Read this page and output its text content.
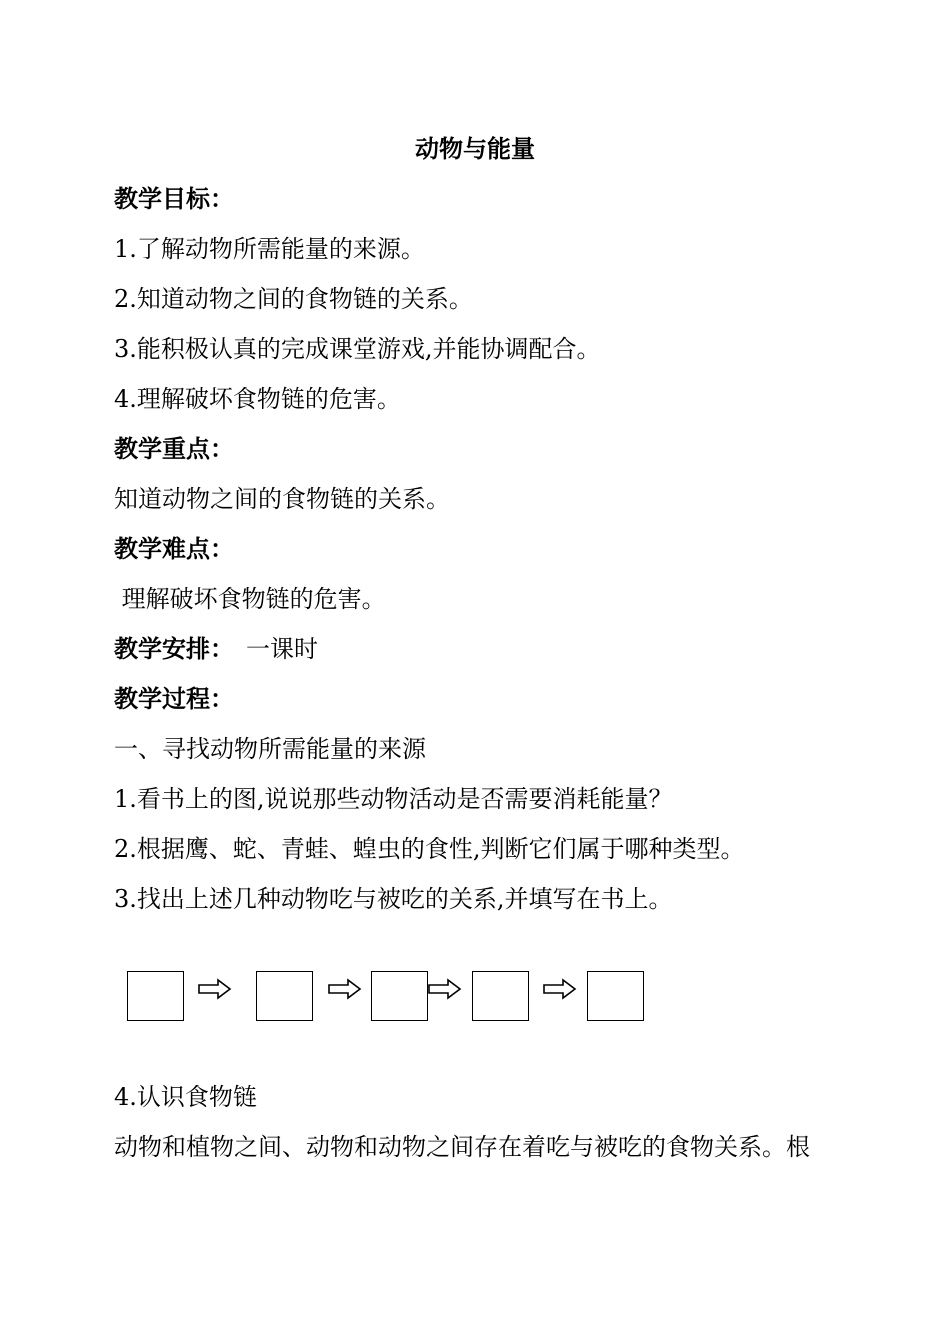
动物与能量
教学目标：
1.了解动物所需能量的来源。
2.知道动物之间的食物链的关系。
3.能积极认真的完成课堂游戏,并能协调配合。
4.理解破坏食物链的危害。
教学重点：
知道动物之间的食物链的关系。
教学难点：
理解破坏食物链的危害。
教学安排： 一课时
教学过程：
一、寻找动物所需能量的来源
1.看书上的图,说说那些动物活动是否需要消耗能量？
2.根据鹰、蛇、青蛙、蝗虫的食性,判断它们属于哪种类型。
3.找出上述几种动物吃与被吃的关系,并填写在书上。
4.认识食物链
动物和植物之间、动物和动物之间存在着吃与被吃的食物关系。根
